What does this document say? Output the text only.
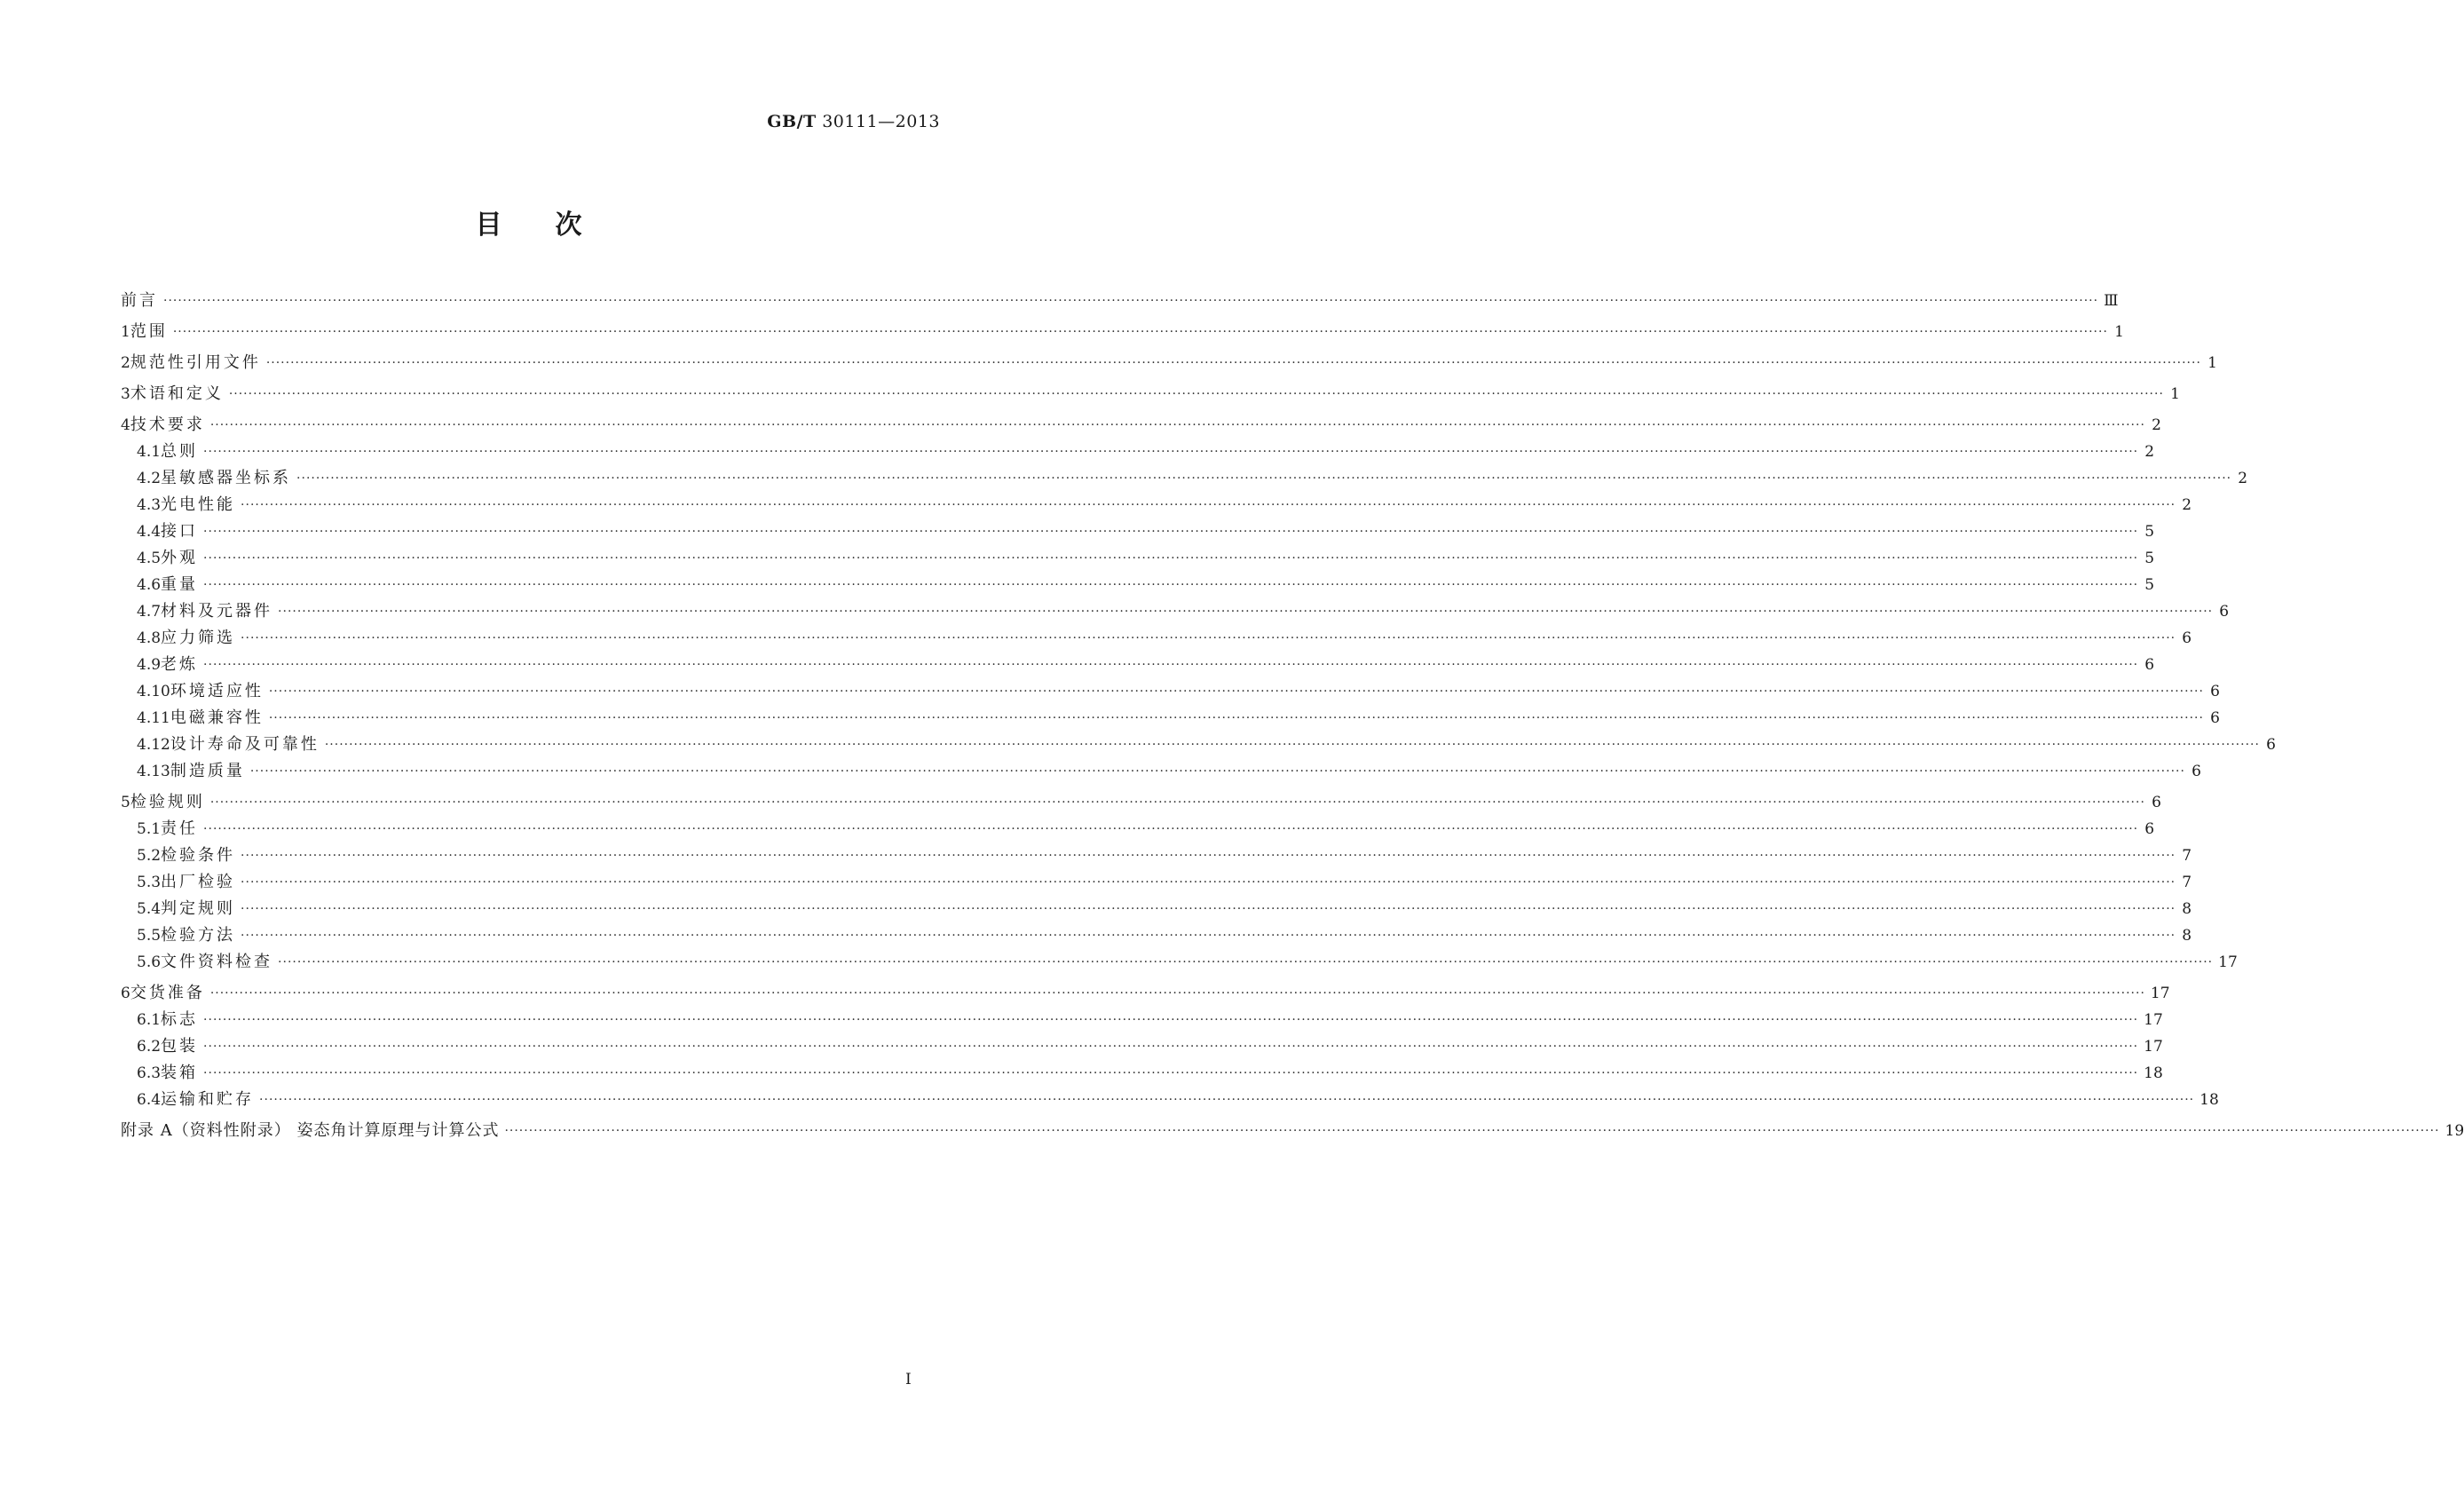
GB/T 30111—2013
目 次
前言 ················································································································································································································································································································································································································ Ⅲ
1 范围 ················································································································································································································································································································································································································ 1
2 规范性引用文件 ················································································································································································································································································································································································································ 1
3 术语和定义 ················································································································································································································································································································································································································ 1
4 技术要求 ················································································································································································································································································································································································································ 2
4.1 总则 ················································································································································································································································································································································································································ 2
4.2 星敏感器坐标系 ················································································································································································································································································································································································································ 2
4.3 光电性能 ················································································································································································································································································································································································································ 2
4.4 接口 ················································································································································································································································································································································································································ 5
4.5 外观 ················································································································································································································································································································································································································ 5
4.6 重量 ················································································································································································································································································································································································································ 5
4.7 材料及元器件 ················································································································································································································································································································································································································ 6
4.8 应力筛选 ················································································································································································································································································································································································································ 6
4.9 老炼 ················································································································································································································································································································································································································ 6
4.10 环境适应性 ················································································································································································································································································································································································································ 6
4.11 电磁兼容性 ················································································································································································································································································································································································································ 6
4.12 设计寿命及可靠性 ················································································································································································································································································································································································································ 6
4.13 制造质量 ················································································································································································································································································································································································································ 6
5 检验规则 ················································································································································································································································································································································································································ 6
5.1 责任 ················································································································································································································································································································································································································ 6
5.2 检验条件 ················································································································································································································································································································································································································ 7
5.3 出厂检验 ················································································································································································································································································································································································································ 7
5.4 判定规则 ················································································································································································································································································································································································································ 8
5.5 检验方法 ················································································································································································································································································································································································································ 8
5.6 文件资料检查 ················································································································································································································································································································································································································ 17
6 交货准备 ················································································································································································································································································································································································································ 17
6.1 标志 ················································································································································································································································································································································································································ 17
6.2 包装 ················································································································································································································································································································································································································ 17
6.3 装箱 ················································································································································································································································································································································································································ 18
6.4 运输和贮存 ················································································································································································································································································································································································································ 18
附录 A（资料性附录） 姿态角计算原理与计算公式 ················································································································································································································································································································································································································ 19
I
